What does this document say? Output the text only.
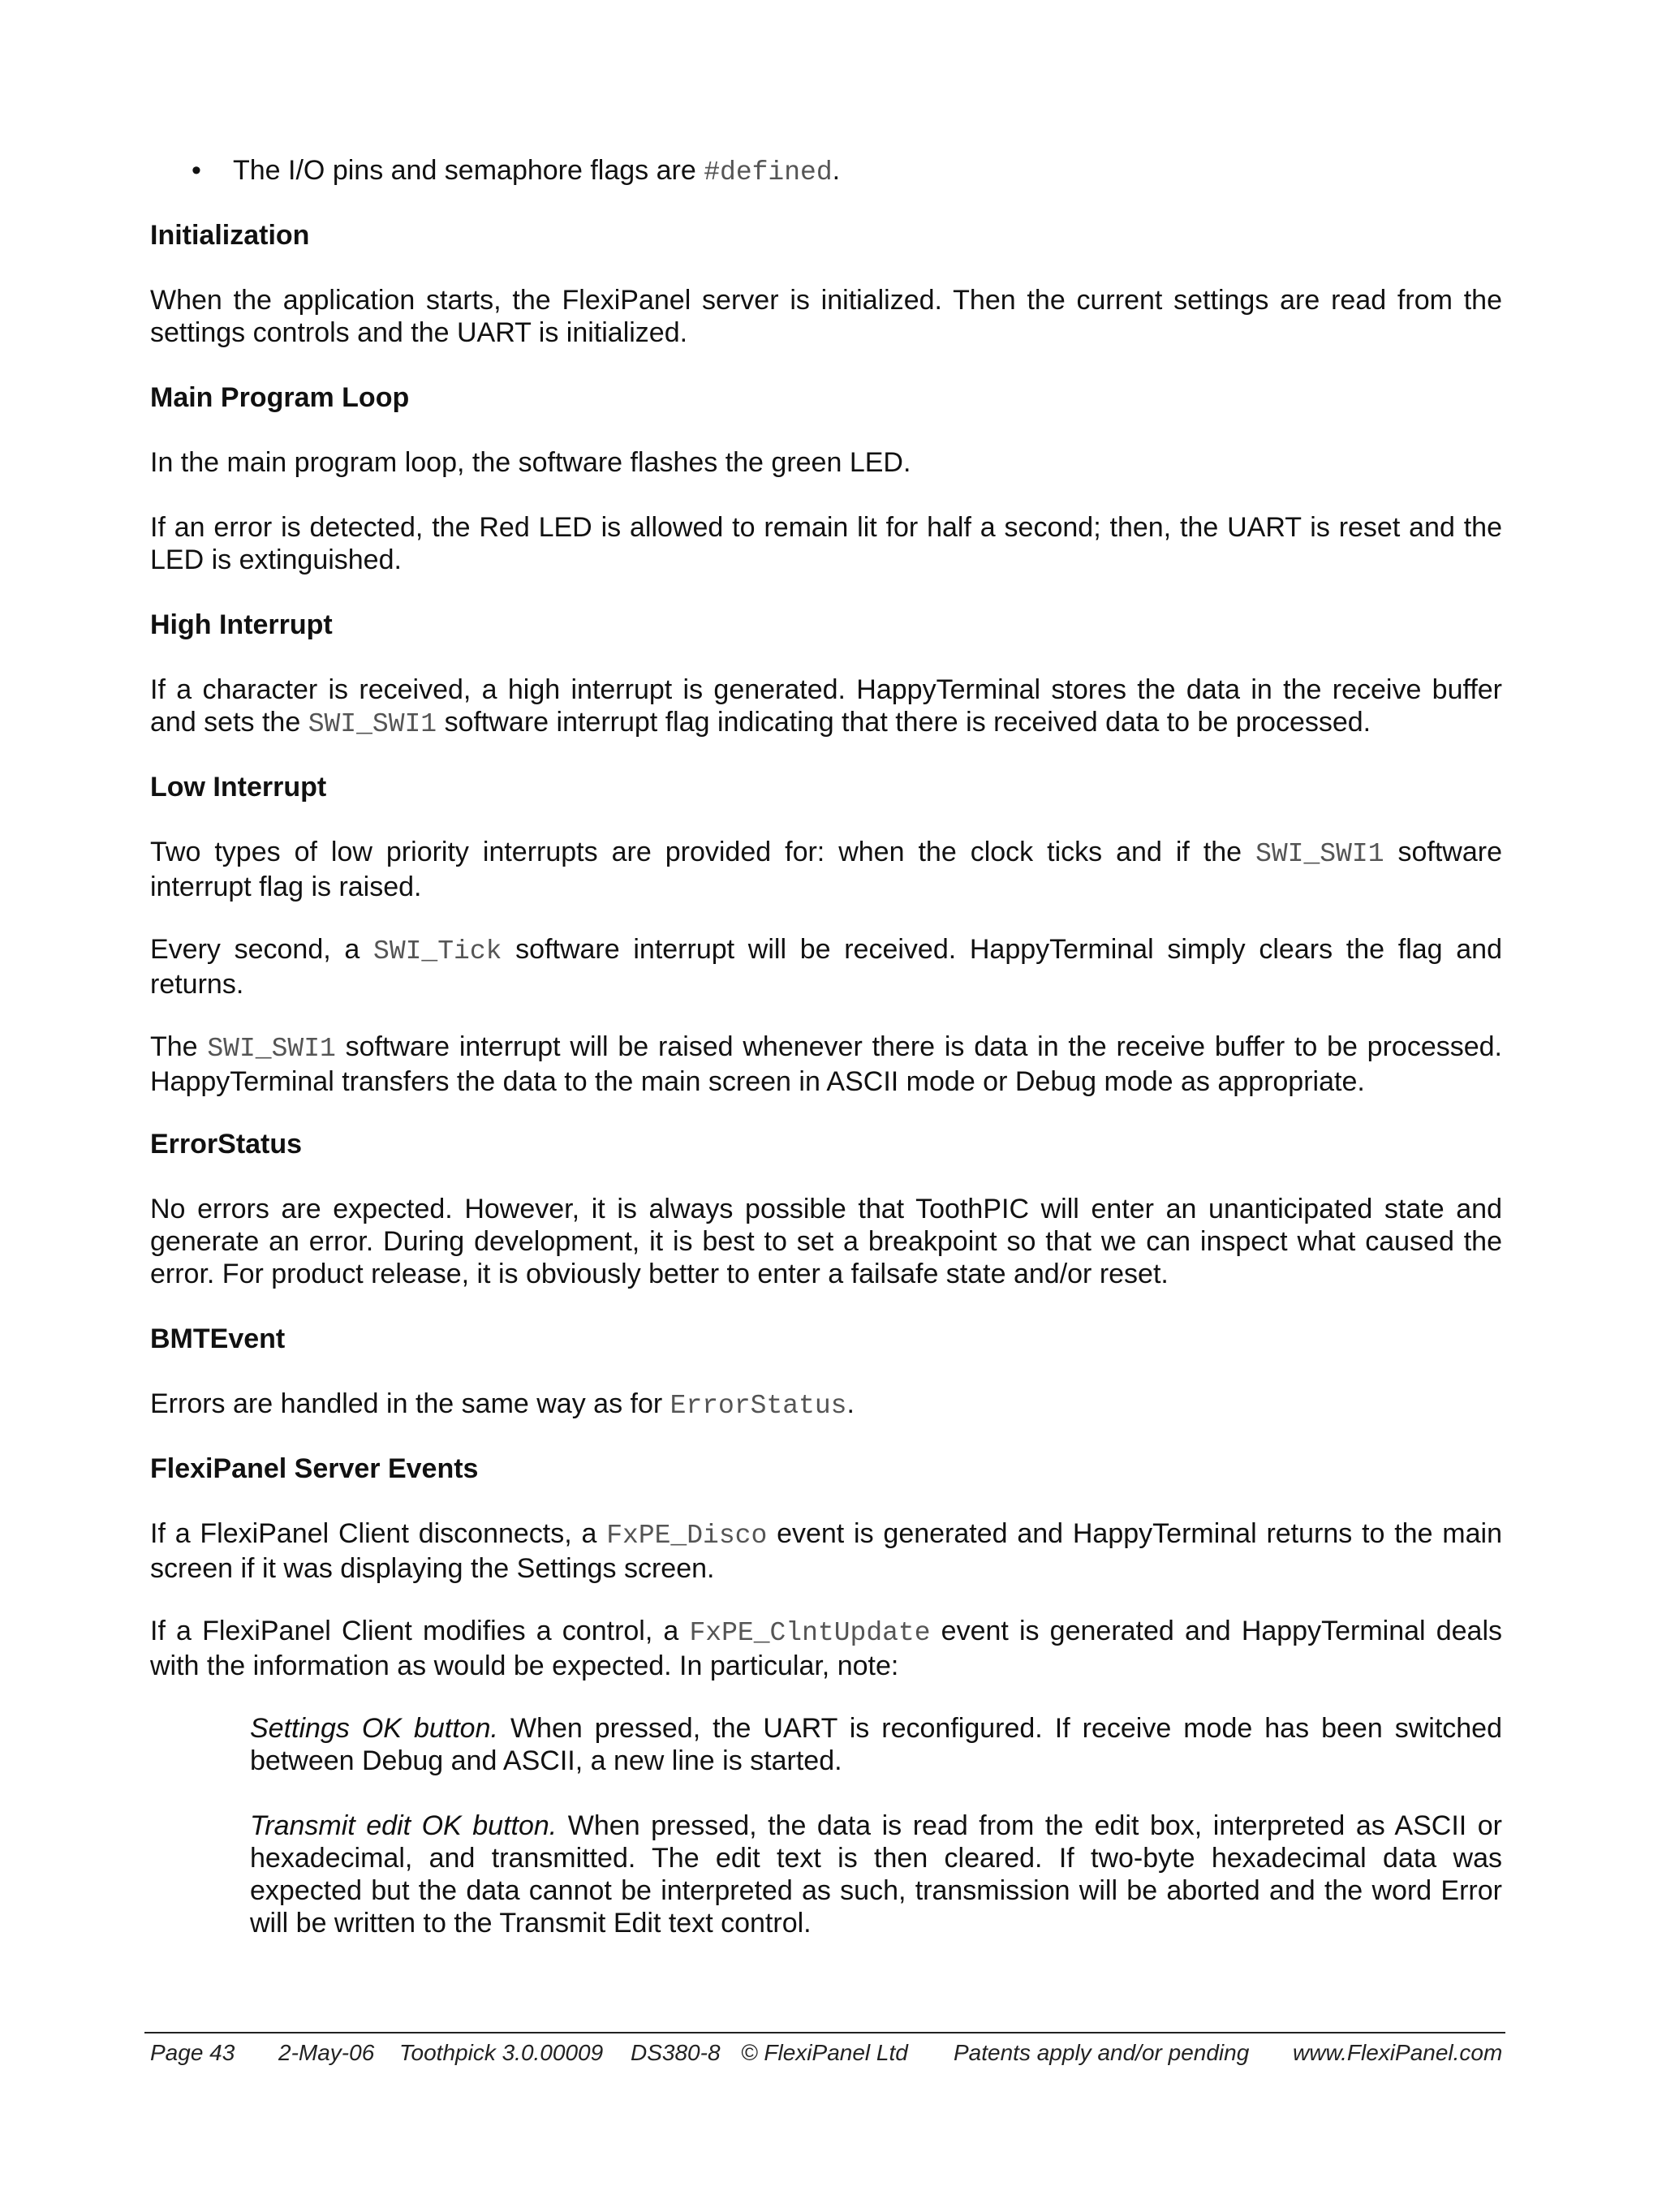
• The I/O pins and semaphore flags are #defined.

Initialization

When the application starts, the FlexiPanel server is initialized. Then the current settings are read from the settings controls and the UART is initialized.

Main Program Loop

In the main program loop, the software flashes the green LED.

If an error is detected, the Red LED is allowed to remain lit for half a second; then, the UART is reset and the LED is extinguished.

High Interrupt

If a character is received, a high interrupt is generated. HappyTerminal stores the data in the receive buffer and sets the SWI_SWI1 software interrupt flag indicating that there is received data to be processed.

Low Interrupt

Two types of low priority interrupts are provided for: when the clock ticks and if the SWI_SWI1 software interrupt flag is raised.

Every second, a SWI_Tick software interrupt will be received. HappyTerminal simply clears the flag and returns.

The SWI_SWI1 software interrupt will be raised whenever there is data in the receive buffer to be processed. HappyTerminal transfers the data to the main screen in ASCII mode or Debug mode as appropriate.

ErrorStatus

No errors are expected. However, it is always possible that ToothPIC will enter an unanticipated state and generate an error. During development, it is best to set a breakpoint so that we can inspect what caused the error. For product release, it is obviously better to enter a failsafe state and/or reset.

BMTEvent

Errors are handled in the same way as for ErrorStatus.

FlexiPanel Server Events

If a FlexiPanel Client disconnects, a FxPE_Disco event is generated and HappyTerminal returns to the main screen if it was displaying the Settings screen.

If a FlexiPanel Client modifies a control, a FxPE_ClntUpdate event is generated and HappyTerminal deals with the information as would be expected. In particular, note:

Settings OK button. When pressed, the UART is reconfigured. If receive mode has been switched between Debug and ASCII, a new line is started.

Transmit edit OK button. When pressed, the data is read from the edit box, interpreted as ASCII or hexadecimal, and transmitted. The edit text is then cleared. If two-byte hexadecimal data was expected but the data cannot be interpreted as such, transmission will be aborted and the word Error will be written to the Transmit Edit text control.

Page 43 2-May-06 Toothpick 3.0.00009 DS380-8 © FlexiPanel Ltd Patents apply and/or pending www.FlexiPanel.com
